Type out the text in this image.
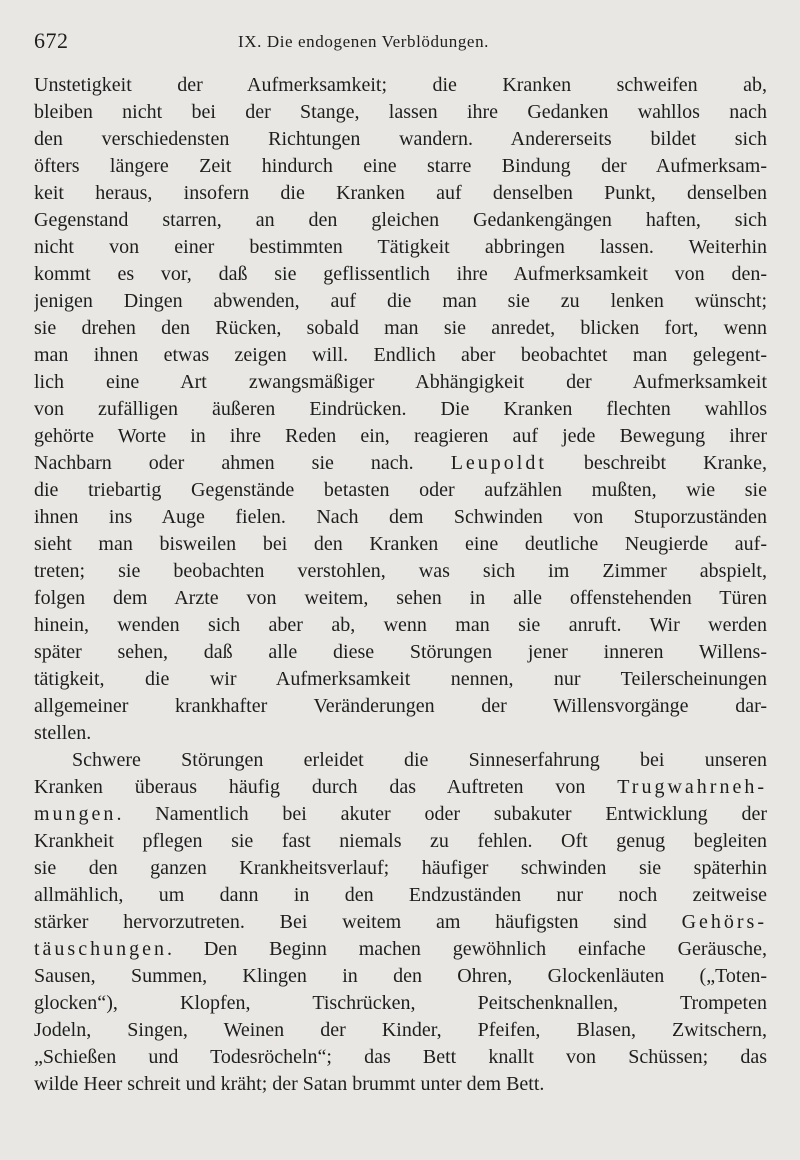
672	IX. Die endogenen Verblödungen.
Unstetigkeit der Aufmerksamkeit; die Kranken schweifen ab,
bleiben nicht bei der Stange, lassen ihre Gedanken wahllos nach
den verschiedensten Richtungen wandern. Andererseits bildet sich
öfters längere Zeit hindurch eine starre Bindung der Aufmerksam-
keit heraus, insofern die Kranken auf denselben Punkt, denselben
Gegenstand starren, an den gleichen Gedankengängen haften, sich
nicht von einer bestimmten Tätigkeit abbringen lassen. Weiterhin
kommt es vor, daß sie geflissentlich ihre Aufmerksamkeit von den-
jenigen Dingen abwenden, auf die man sie zu lenken wünscht;
sie drehen den Rücken, sobald man sie anredet, blicken fort, wenn
man ihnen etwas zeigen will. Endlich aber beobachtet man gelegent-
lich eine Art zwangsmäßiger Abhängigkeit der Aufmerksamkeit
von zufälligen äußeren Eindrücken. Die Kranken flechten wahllos
gehörte Worte in ihre Reden ein, reagieren auf jede Bewegung ihrer
Nachbarn oder ahmen sie nach. Leupoldt beschreibt Kranke,
die triebartig Gegenstände betasten oder aufzählen mußten, wie sie
ihnen ins Auge fielen. Nach dem Schwinden von Stuporzuständen
sieht man bisweilen bei den Kranken eine deutliche Neugierde auf-
treten; sie beobachten verstohlen, was sich im Zimmer abspielt,
folgen dem Arzte von weitem, sehen in alle offenstehenden Türen
hinein, wenden sich aber ab, wenn man sie anruft. Wir werden
später sehen, daß alle diese Störungen jener inneren Willens-
tätigkeit, die wir Aufmerksamkeit nennen, nur Teilerscheinungen
allgemeiner krankhafter Veränderungen der Willensvorgänge dar-
stellen.
Schwere Störungen erleidet die Sinneserfahrung bei unseren
Kranken überaus häufig durch das Auftreten von Trugwahrneh-
mungen. Namentlich bei akuter oder subakuter Entwicklung der
Krankheit pflegen sie fast niemals zu fehlen. Oft genug begleiten
sie den ganzen Krankheitsverlauf; häufiger schwinden sie späterhin
allmählich, um dann in den Endzuständen nur noch zeitweise
stärker hervorzutreten. Bei weitem am häufigsten sind Gehörs-
täuschungen. Den Beginn machen gewöhnlich einfache Geräusche,
Sausen, Summen, Klingen in den Ohren, Glockenläuten („Toten-
glocken“), Klopfen, Tischrücken, Peitschenknallen, Trompeten
Jodeln, Singen, Weinen der Kinder, Pfeifen, Blasen, Zwitschern,
„Schießen und Todesröcheln“; das Bett knallt von Schüssen; das
wilde Heer schreit und kräht; der Satan brummt unter dem Bett.
